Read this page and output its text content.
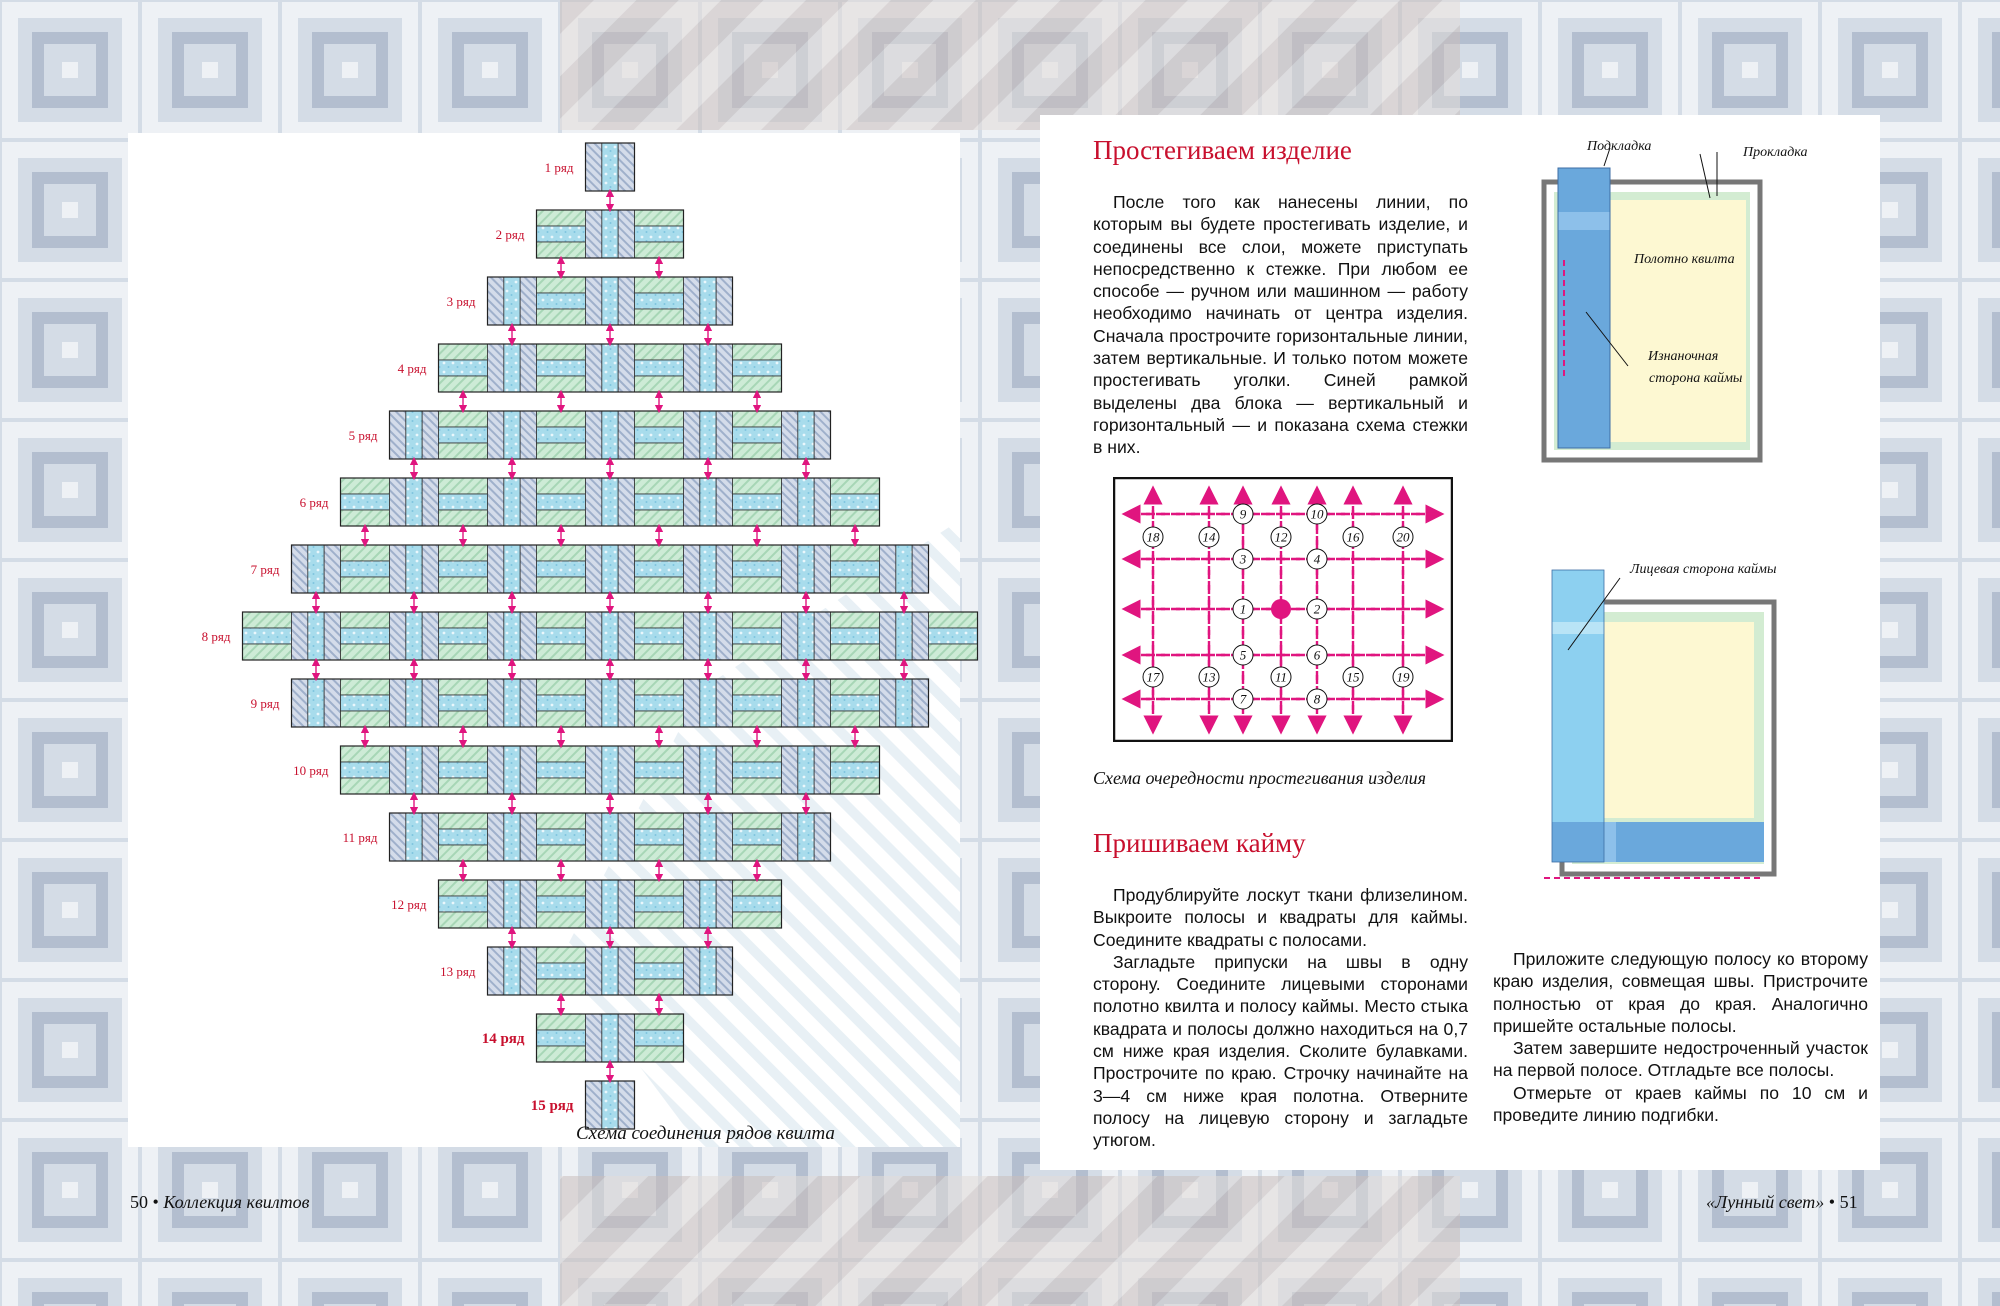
1 ряд
2 ряд
3 ряд
4 ряд
5 ряд
6 ряд
7 ряд
8 ряд
9 ряд
10 ряд
11 ряд
12 ряд
13 ряд
14 ряд
15 ряд
Схема соединения рядов квилта
Простегиваем изделие

После того как нанесены линии, по которым вы будете простегивать изделие, и соединены все слои, можете приступать непосредственно к стежке. При любом ее способе — ручном или машинном — работу необходимо начинать от центра изделия. Сначала прострочите горизонтальные линии, затем вертикальные. И только потом можете простегивать уголки. Синей рамкой выделены два блока — вертикальный и горизонтальный — и показана схема стежки в них.

1	2
3	4
5	6
7	8
9	10
11
12
13
14
15
16
17
18
19
20
Схема очередности простегивания изделия
Пришиваем кайму

Продублируйте лоскут ткани флизелином. Выкроите полосы и квадраты для каймы. Соедините квадраты с полосами.

Загладьте припуски на швы в одну сторону. Соедините лицевыми сторонами полотно квилта и полосу каймы. Место стыка квадрата и полосы должно находиться на 0,7 см ниже края изделия. Сколите булавками. Прострочите по краю. Строчку начинайте на 3—4 см ниже края полотна. Отверните полосу на лицевую сторону и загладьте утюгом.

Подкладка	Прокладка
Полотно квилта
Изнаночная
сторона каймы
Лицевая сторона каймы

Приложите следующую полосу ко второму краю изделия, совмещая швы. Пристрочите полностью от края до края. Аналогично пришейте остальные полосы.

Затем завершите недостроченный участок на первой полосе. Отгладьте все полосы.

Отмерьте от краев каймы по 10 см и проведите линию подгибки.

50 • Коллекция квилтов	«Лунный свет» • 51
